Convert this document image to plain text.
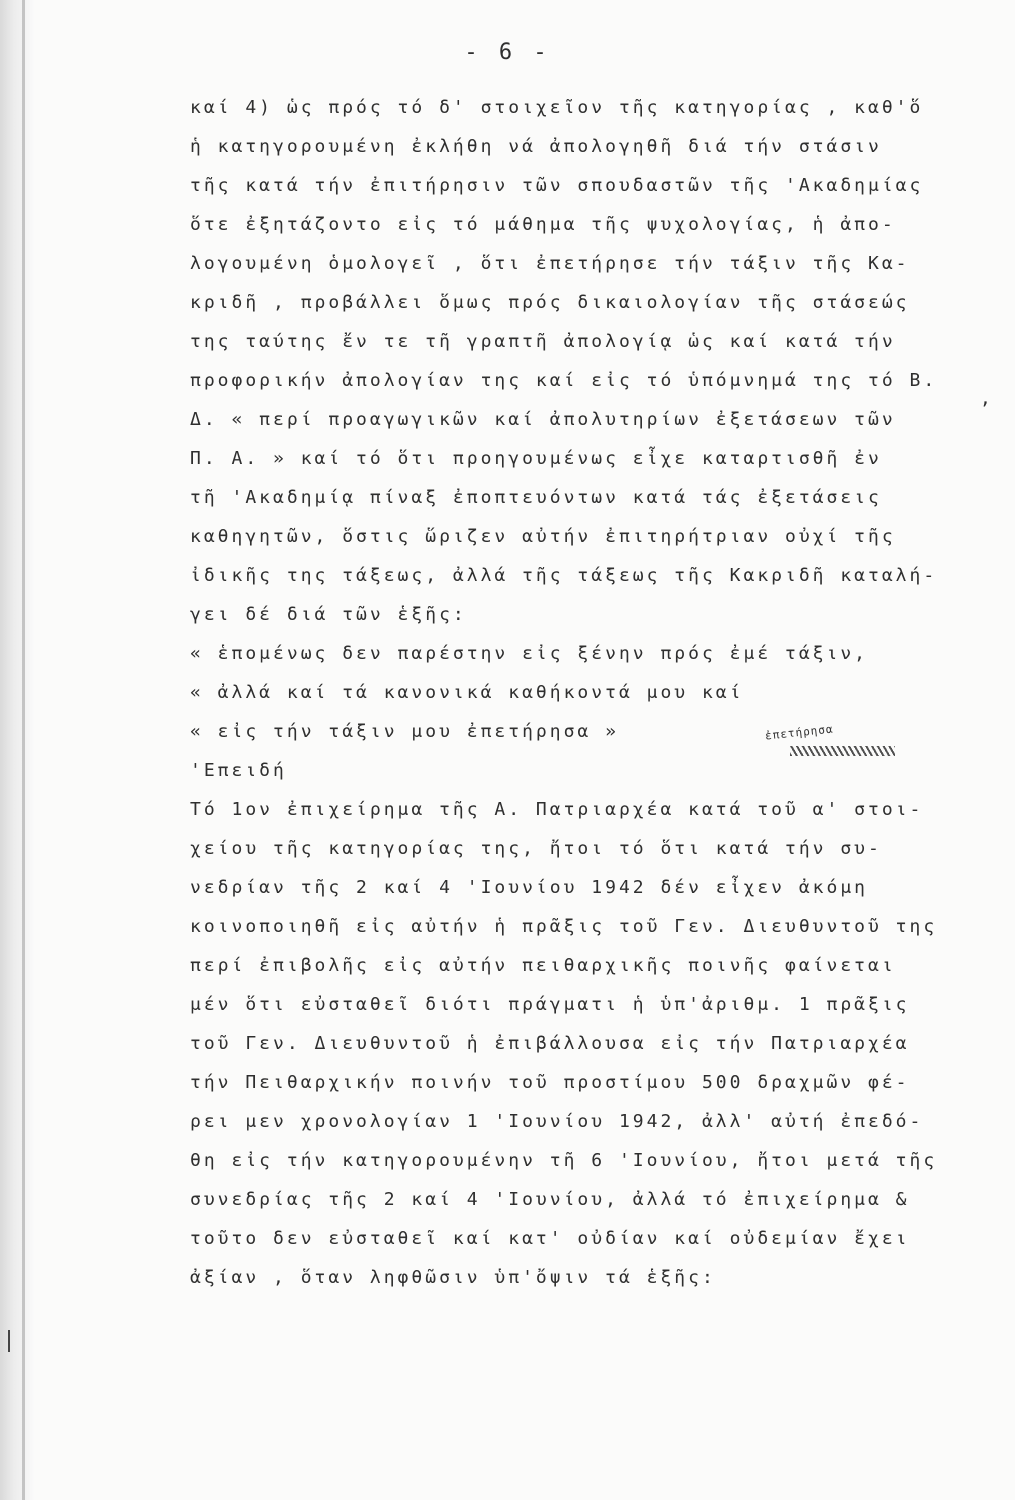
- 6 -
καί 4) ὡς πρός τό δ' στοιχεῖον τῆς κατηγορίας , καθ'ὅ
ἡ κατηγορουμένη ἐκλήθη νά ἀπολογηθῆ διά τήν στάσιν
τῆς κατά τήν ἐπιτήρησιν τῶν σπουδαστῶν τῆς 'Ακαδημίας
ὅτε ἐξητάζοντο εἰς τό μάθημα τῆς ψυχολογίας, ἡ ἀπο-
λογουμένη ὁμολογεῖ , ὅτι ἐπετήρησε τήν τάξιν τῆς Κα-
κριδῆ , προβάλλει ὅμως πρός δικαιολογίαν τῆς στάσεώς
της ταύτης ἔν τε τῆ γραπτῆ ἀπολογίᾳ ὡς καί κατά τήν
προφορικήν ἀπολογίαν της καί εἰς τό ὑπόμνημά της τό Β.
Δ. « περί προαγωγικῶν καί ἀπολυτηρίων ἐξετάσεων τῶν
Π. Α. » καί τό ὅτι προηγουμένως εἶχε καταρτισθῆ ἐν
τῆ 'Ακαδημίᾳ πίναξ ἐποπτευόντων κατά τάς ἐξετάσεις
καθηγητῶν, ὅστις ὥριζεν αὐτήν ἐπιτηρήτριαν οὐχί τῆς
ἰδικῆς της τάξεως, ἀλλά τῆς τάξεως τῆς Κακριδῆ καταλή-
γει δέ διά τῶν ἑξῆς:
« ἑπομένως δεν παρέστην εἰς ξένην πρός ἐμέ τάξιν,
« ἀλλά καί τά κανονικά καθήκοντά μου καί
« εἰς τήν τάξιν μου ἐπετήρησα »
'Επειδή
Τό 1ον ἐπιχείρημα τῆς Α. Πατριαρχέα κατά τοῦ α' στοι-
χείου τῆς κατηγορίας της, ἤτοι τό ὅτι κατά τήν συ-
νεδρίαν τῆς 2 καί 4 'Ιουνίου 1942 δέν εἶχεν ἀκόμη
κοινοποιηθῆ εἰς αὐτήν ἡ πρᾶξις τοῦ Γεν. Διευθυντοῦ της
περί ἐπιβολῆς εἰς αὐτήν πειθαρχικῆς ποινῆς φαίνεται
μέν ὅτι εὐσταθεῖ διότι πράγματι ἡ ὑπ'ἀριθμ. 1 πρᾶξις
τοῦ Γεν. Διευθυντοῦ ἡ ἐπιβάλλουσα εἰς τήν Πατριαρχέα
τήν Πειθαρχικήν ποινήν τοῦ προστίμου 500 δραχμῶν φέ-
ρει μεν χρονολογίαν 1 'Ιουνίου 1942, ἀλλ' αὐτή ἐπεδό-
θη εἰς τήν κατηγορουμένην τῆ 6 'Ιουνίου, ἤτοι μετά τῆς
συνεδρίας τῆς 2 καί 4 'Ιουνίου, ἀλλά τό ἐπιχείρημα &
τοῦτο δεν εὐσταθεῖ καί κατ' οὐδίαν καί οὐδεμίαν ἔχει
ἀξίαν , ὅταν ληφθῶσιν ὑπ'ὄψιν τά ἑξῆς:
,
ἐπετήρησα
